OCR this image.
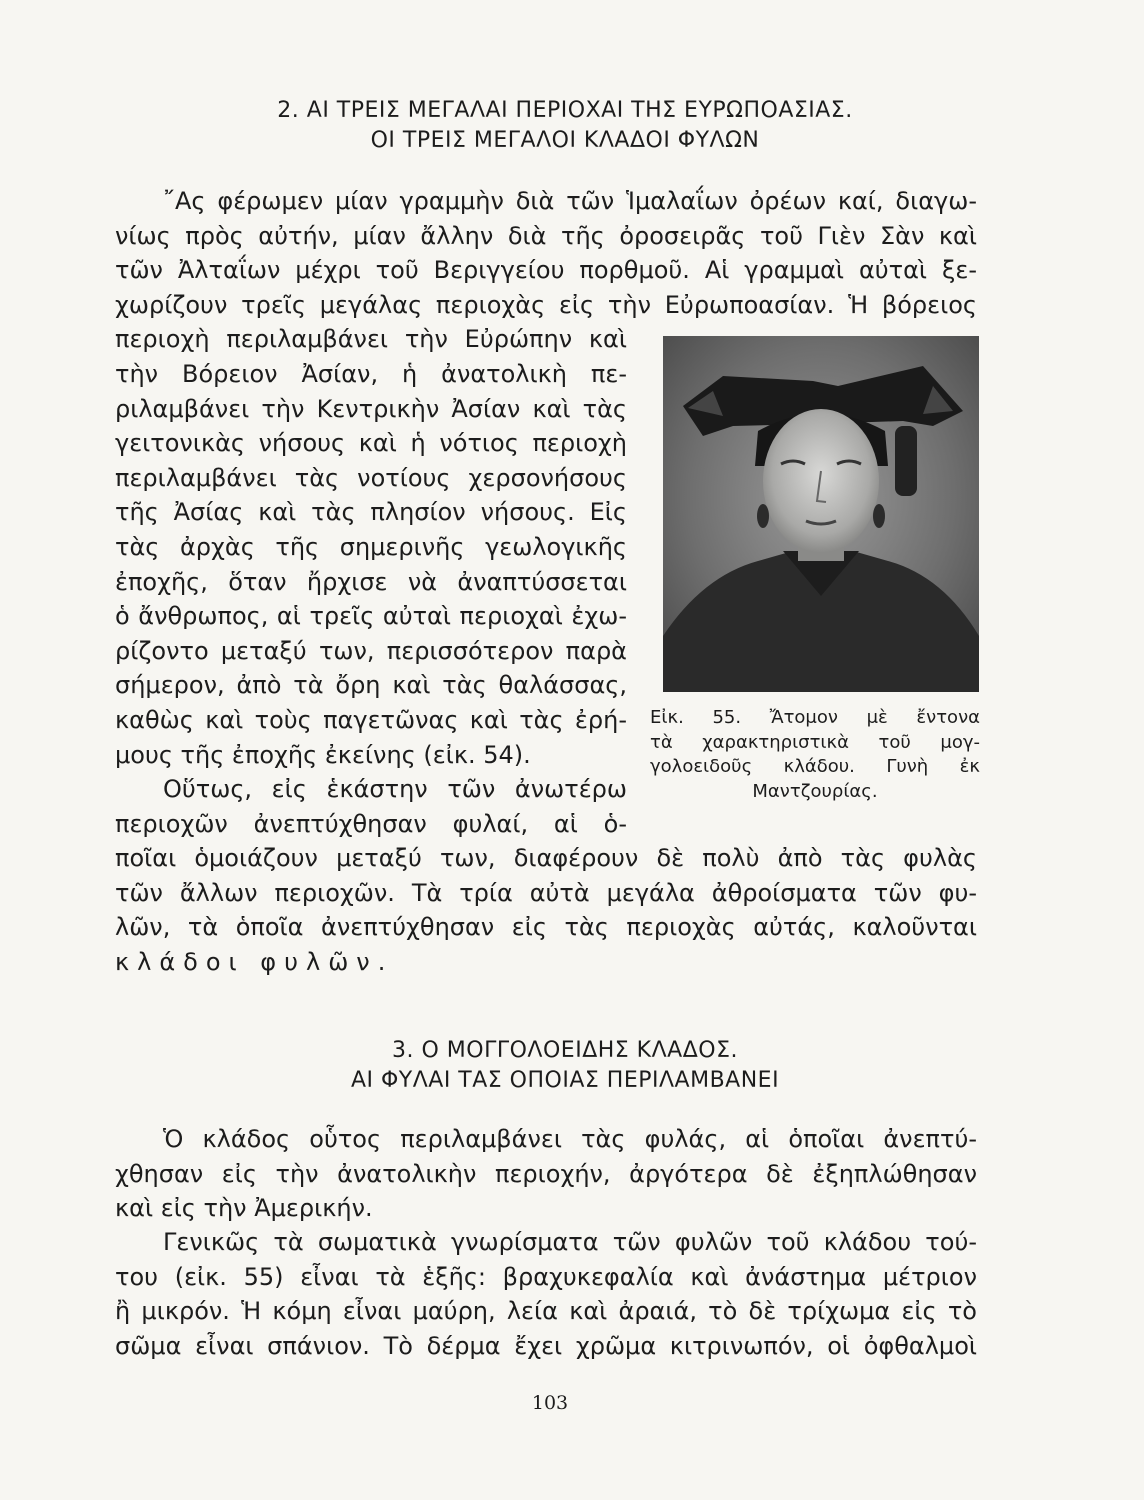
2. ΑΙ ΤΡΕΙΣ ΜΕΓΑΛΑΙ ΠΕΡΙΟΧΑΙ ΤΗΣ ΕΥΡΩΠΟΑΣΙΑΣ.
ΟΙ ΤΡΕΙΣ ΜΕΓΑΛΟΙ ΚΛΑΔΟΙ ΦΥΛΩΝ
῎Ας φέρωμεν μίαν γραμμὴν διὰ τῶν Ἱμαλαΐων ὀρέων καί, διαγω-
νίως πρὸς αὐτήν, μίαν ἄλλην διὰ τῆς ὀροσειρᾶς τοῦ Γιὲν Σὰν καὶ
τῶν Ἀλταΐων μέχρι τοῦ Βεριγγείου πορθμοῦ. Αἱ γραμμαὶ αὐταὶ ξε-
χωρίζουν τρεῖς μεγάλας περιοχὰς εἰς τὴν Εὐρωποασίαν. Ἡ βόρειος
περιοχὴ περιλαμβάνει τὴν Εὐρώπην καὶ
τὴν Βόρειον Ἀσίαν, ἡ ἀνατολικὴ πε-
ριλαμβάνει τὴν Κεντρικὴν Ἀσίαν καὶ τὰς
γειτονικὰς νήσους καὶ ἡ νότιος περιοχὴ
περιλαμβάνει τὰς νοτίους χερσονήσους
τῆς Ἀσίας καὶ τὰς πλησίον νήσους. Εἰς
τὰς ἀρχὰς τῆς σημερινῆς γεωλογικῆς
ἐποχῆς, ὅταν ἤρχισε νὰ ἀναπτύσσεται
ὁ ἄνθρωπος, αἱ τρεῖς αὐταὶ περιοχαὶ ἐχω-
ρίζοντο μεταξύ των, περισσότερον παρὰ
σήμερον, ἀπὸ τὰ ὄρη καὶ τὰς θαλάσσας,
καθὼς καὶ τοὺς παγετῶνας καὶ τὰς ἐρή-
μους τῆς ἐποχῆς ἐκείνης (εἰκ. 54).
Οὕτως, εἰς ἑκάστην τῶν ἀνωτέρω
περιοχῶν ἀνεπτύχθησαν φυλαί, αἱ ὁ-
ποῖαι ὁμοιάζουν μεταξύ των, διαφέρουν δὲ πολὺ ἀπὸ τὰς φυλὰς
τῶν ἄλλων περιοχῶν. Τὰ τρία αὐτὰ μεγάλα ἀθροίσματα τῶν φυ-
λῶν, τὰ ὁποῖα ἀνεπτύχθησαν εἰς τὰς περιοχὰς αὐτάς, καλοῦνται
κλάδοι φυλῶν.
Εἰκ. 55. Ἄτομον μὲ ἔντονα
τὰ χαρακτηριστικὰ τοῦ μογ-
γολοειδοῦς κλάδου. Γυνὴ ἐκ
Μαντζουρίας.
3. Ο ΜΟΓΓΟΛΟΕΙΔΗΣ ΚΛΑΔΟΣ.
ΑΙ ΦΥΛΑΙ ΤΑΣ ΟΠΟΙΑΣ ΠΕΡΙΛΑΜΒΑΝΕΙ
Ὁ κλάδος οὗτος περιλαμβάνει τὰς φυλάς, αἱ ὁποῖαι ἀνεπτύ-
χθησαν εἰς τὴν ἀνατολικὴν περιοχήν, ἀργότερα δὲ ἐξηπλώθησαν
καὶ εἰς τὴν Ἀμερικήν.
Γενικῶς τὰ σωματικὰ γνωρίσματα τῶν φυλῶν τοῦ κλάδου τού-
του (εἰκ. 55) εἶναι τὰ ἑξῆς: βραχυκεφαλία καὶ ἀνάστημα μέτριον
ἢ μικρόν. Ἡ κόμη εἶναι μαύρη, λεία καὶ ἀραιά, τὸ δὲ τρίχωμα εἰς τὸ
σῶμα εἶναι σπάνιον. Τὸ δέρμα ἔχει χρῶμα κιτρινωπόν, οἱ ὀφθαλμοὶ
103
